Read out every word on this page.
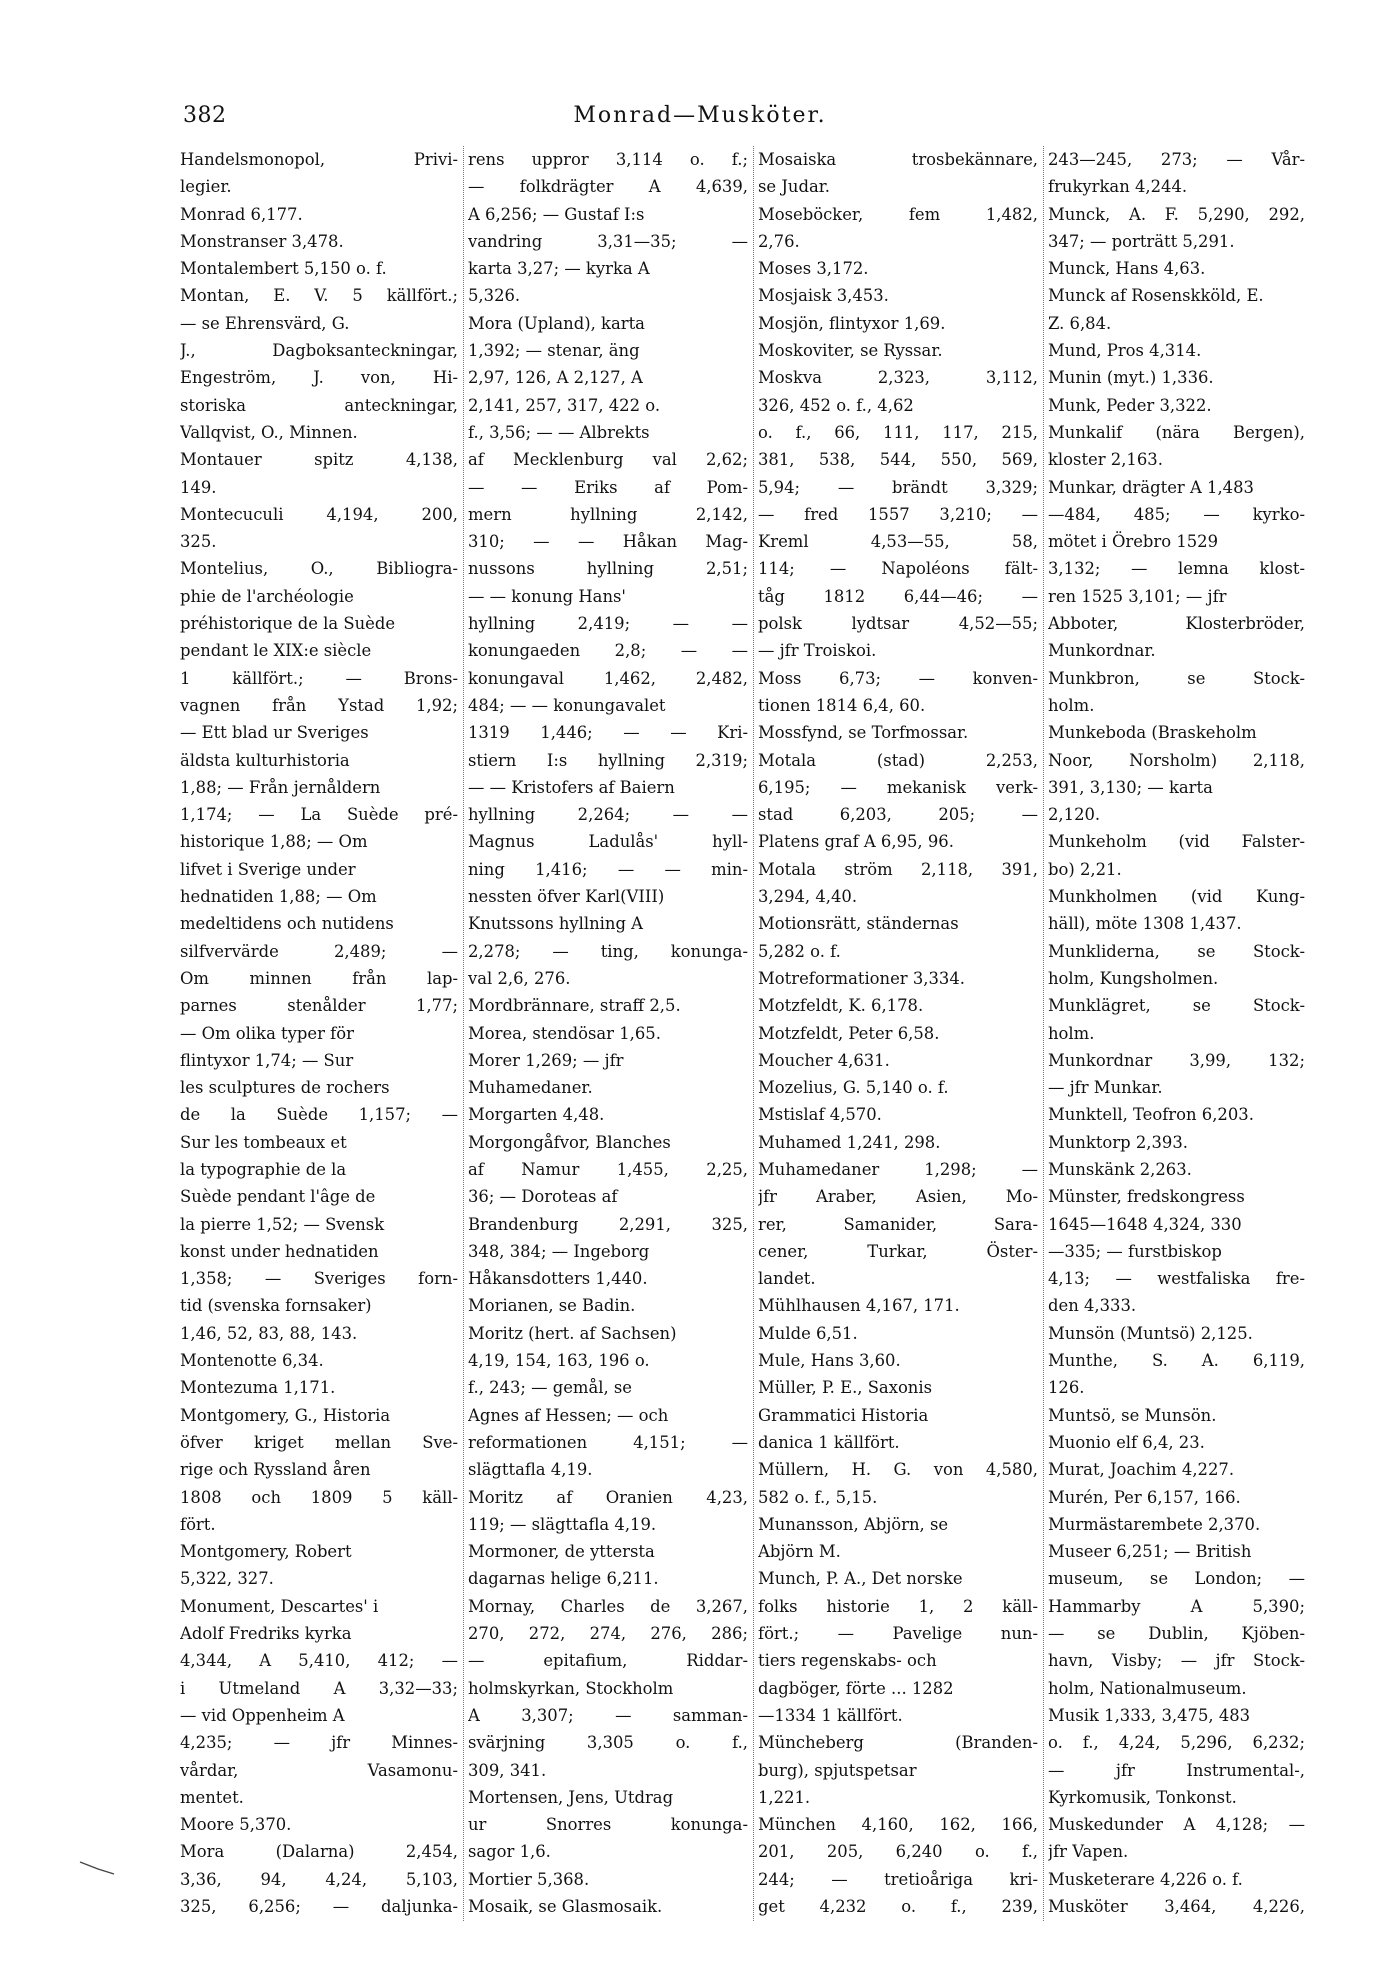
382	Monrad—Musköter.
Handelsmonopol, Privi-
legier.
Monrad 6,177.
Monstranser 3,478.
Montalembert 5,150 o. f.
Montan, E. V. 5 källfört.;
— se Ehrensvärd, G.
J., Dagboksanteckningar,
Engeström, J. von, Hi-
storiska anteckningar,
Vallqvist, O., Minnen.
Montauer spitz 4,138,
149.
Montecuculi 4,194, 200,
325.
Montelius, O., Bibliogra-
phie de l'archéologie
préhistorique de la Suède
pendant le XIX:e siècle
1 källfört.; — Brons-
vagnen från Ystad 1,92;
— Ett blad ur Sveriges
äldsta kulturhistoria
1,88; — Från jernåldern
1,174; — La Suède pré-
historique 1,88; — Om
lifvet i Sverige under
hednatiden 1,88; — Om
medeltidens och nutidens
silfvervärde 2,489; —
Om minnen från lap-
parnes stenålder 1,77;
— Om olika typer för
flintyxor 1,74; — Sur
les sculptures de rochers
de la Suède 1,157; —
Sur les tombeaux et
la typographie de la
Suède pendant l'âge de
la pierre 1,52; — Svensk
konst under hednatiden
1,358; — Sveriges forn-
tid (svenska fornsaker)
1,46, 52, 83, 88, 143.
Montenotte 6,34.
Montezuma 1,171.
Montgomery, G., Historia
öfver kriget mellan Sve-
rige och Ryssland åren
1808 och 1809 5 käll-
fört.
Montgomery, Robert
5,322, 327.
Monument, Descartes' i
Adolf Fredriks kyrka
4,344, A 5,410, 412; —
i Utmeland A 3,32—33;
— vid Oppenheim A
4,235; — jfr Minnes-
vårdar, Vasamonu-
mentet.
Moore 5,370.
Mora (Dalarna) 2,454,
3,36, 94, 4,24, 5,103,
325, 6,256; — daljunka-
rens uppror 3,114 o. f.;
— folkdrägter A 4,639,
A 6,256; — Gustaf I:s
vandring 3,31—35; —
karta 3,27; — kyrka A
5,326.
Mora (Upland), karta
1,392; — stenar, äng
2,97, 126, A 2,127, A
2,141, 257, 317, 422 o.
f., 3,56; — — Albrekts
af Mecklenburg val 2,62;
— — Eriks af Pom-
mern hyllning 2,142,
310; — — Håkan Mag-
nussons hyllning 2,51;
— — konung Hans'
hyllning 2,419; — —
konungaeden 2,8; — —
konungaval 1,462, 2,482,
484; — — konungavalet
1319 1,446; — — Kri-
stiern I:s hyllning 2,319;
— — Kristofers af Baiern
hyllning 2,264; — —
Magnus Ladulås' hyll-
ning 1,416; — — min-
nessten öfver Karl(VIII)
Knutssons hyllning A
2,278; — ting, konunga-
val 2,6, 276.
Mordbrännare, straff 2,5.
Morea, stendösar 1,65.
Morer 1,269; — jfr
Muhamedaner.
Morgarten 4,48.
Morgongåfvor, Blanches
af Namur 1,455, 2,25,
36; — Doroteas af
Brandenburg 2,291, 325,
348, 384; — Ingeborg
Håkansdotters 1,440.
Morianen, se Badin.
Moritz (hert. af Sachsen)
4,19, 154, 163, 196 o.
f., 243; — gemål, se
Agnes af Hessen; — och
reformationen 4,151; —
slägttafla 4,19.
Moritz af Oranien 4,23,
119; — slägttafla 4,19.
Mormoner, de yttersta
dagarnas helige 6,211.
Mornay, Charles de 3,267,
270, 272, 274, 276, 286;
— epitafium, Riddar-
holmskyrkan, Stockholm
A 3,307; — samman-
svärjning 3,305 o. f.,
309, 341.
Mortensen, Jens, Utdrag
ur Snorres konunga-
sagor 1,6.
Mortier 5,368.
Mosaik, se Glasmosaik.
Mosaiska trosbekännare,
se Judar.
Moseböcker, fem 1,482,
2,76.
Moses 3,172.
Mosjaisk 3,453.
Mosjön, flintyxor 1,69.
Moskoviter, se Ryssar.
Moskva 2,323, 3,112,
326, 452 o. f., 4,62
o. f., 66, 111, 117, 215,
381, 538, 544, 550, 569,
5,94; — brändt 3,329;
— fred 1557 3,210; —
Kreml 4,53—55, 58,
114; — Napoléons fält-
tåg 1812 6,44—46; —
polsk lydtsar 4,52—55;
— jfr Troiskoi.
Moss 6,73; — konven-
tionen 1814 6,4, 60.
Mossfynd, se Torfmossar.
Motala (stad) 2,253,
6,195; — mekanisk verk-
stad 6,203, 205; —
Platens graf A 6,95, 96.
Motala ström 2,118, 391,
3,294, 4,40.
Motionsrätt, ständernas
5,282 o. f.
Motreformationer 3,334.
Motzfeldt, K. 6,178.
Motzfeldt, Peter 6,58.
Moucher 4,631.
Mozelius, G. 5,140 o. f.
Mstislaf 4,570.
Muhamed 1,241, 298.
Muhamedaner 1,298; —
jfr Araber, Asien, Mo-
rer, Samanider, Sara-
cener, Turkar, Öster-
landet.
Mühlhausen 4,167, 171.
Mulde 6,51.
Mule, Hans 3,60.
Müller, P. E., Saxonis
Grammatici Historia
danica 1 källfört.
Müllern, H. G. von 4,580,
582 o. f., 5,15.
Munansson, Abjörn, se
Abjörn M.
Munch, P. A., Det norske
folks historie 1, 2 käll-
fört.; — Pavelige nun-
tiers regenskabs- och
dagböger, förte ... 1282
—1334 1 källfört.
Müncheberg (Branden-
burg), spjutspetsar
1,221.
München 4,160, 162, 166,
201, 205, 6,240 o. f.,
244; — tretioåriga kri-
get 4,232 o. f., 239,
243—245, 273; — Vår-
frukyrkan 4,244.
Munck, A. F. 5,290, 292,
347; — porträtt 5,291.
Munck, Hans 4,63.
Munck af Rosenskköld, E.
Z. 6,84.
Mund, Pros 4,314.
Munin (myt.) 1,336.
Munk, Peder 3,322.
Munkalif (nära Bergen),
kloster 2,163.
Munkar, drägter A 1,483
—484, 485; — kyrko-
mötet i Örebro 1529
3,132; — lemna klost-
ren 1525 3,101; — jfr
Abboter, Klosterbröder,
Munkordnar.
Munkbron, se Stock-
holm.
Munkeboda (Braskeholm
Noor, Norsholm) 2,118,
391, 3,130; — karta
2,120.
Munkeholm (vid Falster-
bo) 2,21.
Munkholmen (vid Kung-
häll), möte 1308 1,437.
Munkliderna, se Stock-
holm, Kungsholmen.
Munklägret, se Stock-
holm.
Munkordnar 3,99, 132;
— jfr Munkar.
Munktell, Teofron 6,203.
Munktorp 2,393.
Munskänk 2,263.
Münster, fredskongress
1645—1648 4,324, 330
—335; — furstbiskop
4,13; — westfaliska fre-
den 4,333.
Munsön (Muntsö) 2,125.
Munthe, S. A. 6,119,
126.
Muntsö, se Munsön.
Muonio elf 6,4, 23.
Murat, Joachim 4,227.
Murén, Per 6,157, 166.
Murmästarembete 2,370.
Museer 6,251; — British
museum, se London; —
Hammarby A 5,390;
— se Dublin, Kjöben-
havn, Visby; — jfr Stock-
holm, Nationalmuseum.
Musik 1,333, 3,475, 483
o. f., 4,24, 5,296, 6,232;
— jfr Instrumental-,
Kyrkomusik, Tonkonst.
Muskedunder A 4,128; —
jfr Vapen.
Musketerare 4,226 o. f.
Musköter 3,464, 4,226,
